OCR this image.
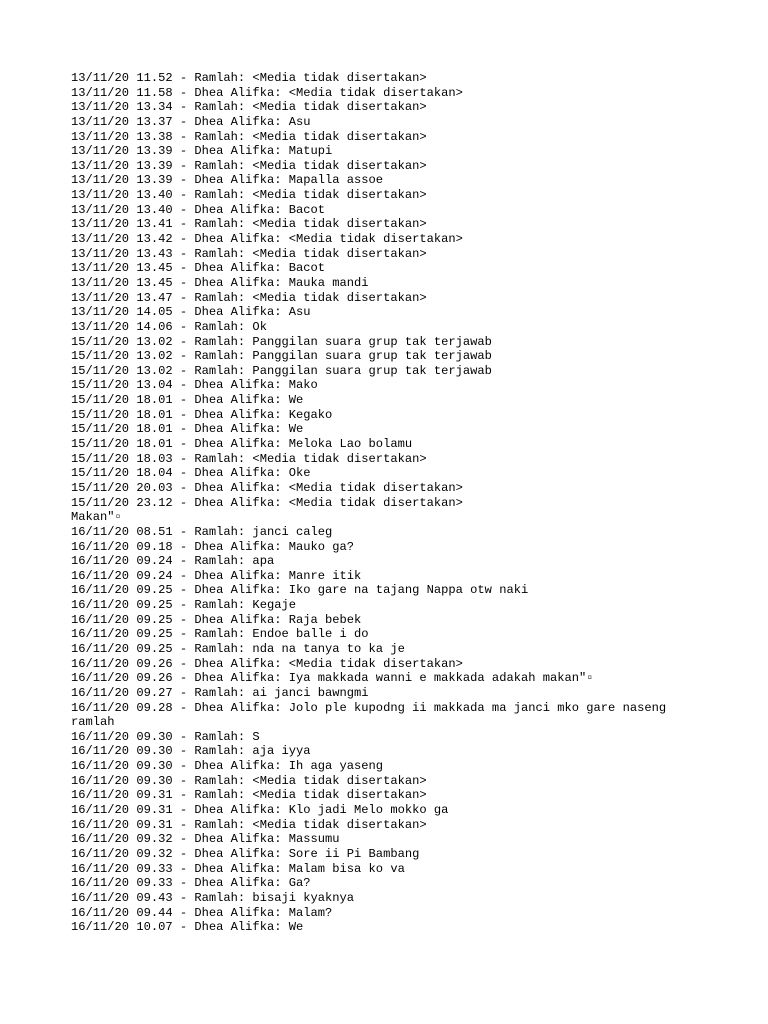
13/11/20 11.52 - Ramlah: <Media tidak disertakan>
13/11/20 11.58 - Dhea Alifka: <Media tidak disertakan>
13/11/20 13.34 - Ramlah: <Media tidak disertakan>
13/11/20 13.37 - Dhea Alifka: Asu
13/11/20 13.38 - Ramlah: <Media tidak disertakan>
13/11/20 13.39 - Dhea Alifka: Matupi
13/11/20 13.39 - Ramlah: <Media tidak disertakan>
13/11/20 13.39 - Dhea Alifka: Mapalla assoe
13/11/20 13.40 - Ramlah: <Media tidak disertakan>
13/11/20 13.40 - Dhea Alifka: Bacot
13/11/20 13.41 - Ramlah: <Media tidak disertakan>
13/11/20 13.42 - Dhea Alifka: <Media tidak disertakan>
13/11/20 13.43 - Ramlah: <Media tidak disertakan>
13/11/20 13.45 - Dhea Alifka: Bacot
13/11/20 13.45 - Dhea Alifka: Mauka mandi
13/11/20 13.47 - Ramlah: <Media tidak disertakan>
13/11/20 14.05 - Dhea Alifka: Asu
13/11/20 14.06 - Ramlah: Ok
15/11/20 13.02 - Ramlah: Panggilan suara grup tak terjawab
15/11/20 13.02 - Ramlah: Panggilan suara grup tak terjawab
15/11/20 13.02 - Ramlah: Panggilan suara grup tak terjawab
15/11/20 13.04 - Dhea Alifka: Mako
15/11/20 18.01 - Dhea Alifka: We
15/11/20 18.01 - Dhea Alifka: Kegako
15/11/20 18.01 - Dhea Alifka: We
15/11/20 18.01 - Dhea Alifka: Meloka Lao bolamu
15/11/20 18.03 - Ramlah: <Media tidak disertakan>
15/11/20 18.04 - Dhea Alifka: Oke
15/11/20 20.03 - Dhea Alifka: <Media tidak disertakan>
15/11/20 23.12 - Dhea Alifka: <Media tidak disertakan>
Makan"▫
16/11/20 08.51 - Ramlah: janci caleg
16/11/20 09.18 - Dhea Alifka: Mauko ga?
16/11/20 09.24 - Ramlah: apa
16/11/20 09.24 - Dhea Alifka: Manre itik
16/11/20 09.25 - Dhea Alifka: Iko gare na tajang Nappa otw naki
16/11/20 09.25 - Ramlah: Kegaje
16/11/20 09.25 - Dhea Alifka: Raja bebek
16/11/20 09.25 - Ramlah: Endoe balle i do
16/11/20 09.25 - Ramlah: nda na tanya to ka je
16/11/20 09.26 - Dhea Alifka: <Media tidak disertakan>
16/11/20 09.26 - Dhea Alifka: Iya makkada wanni e makkada adakah makan"▫
16/11/20 09.27 - Ramlah: ai janci bawngmi
16/11/20 09.28 - Dhea Alifka: Jolo ple kupodng ii makkada ma janci mko gare naseng
ramlah
16/11/20 09.30 - Ramlah: S
16/11/20 09.30 - Ramlah: aja iyya
16/11/20 09.30 - Dhea Alifka: Ih aga yaseng
16/11/20 09.30 - Ramlah: <Media tidak disertakan>
16/11/20 09.31 - Ramlah: <Media tidak disertakan>
16/11/20 09.31 - Dhea Alifka: Klo jadi Melo mokko ga
16/11/20 09.31 - Ramlah: <Media tidak disertakan>
16/11/20 09.32 - Dhea Alifka: Massumu
16/11/20 09.32 - Dhea Alifka: Sore ii Pi Bambang
16/11/20 09.33 - Dhea Alifka: Malam bisa ko va
16/11/20 09.33 - Dhea Alifka: Ga?
16/11/20 09.43 - Ramlah: bisaji kyaknya
16/11/20 09.44 - Dhea Alifka: Malam?
16/11/20 10.07 - Dhea Alifka: We
